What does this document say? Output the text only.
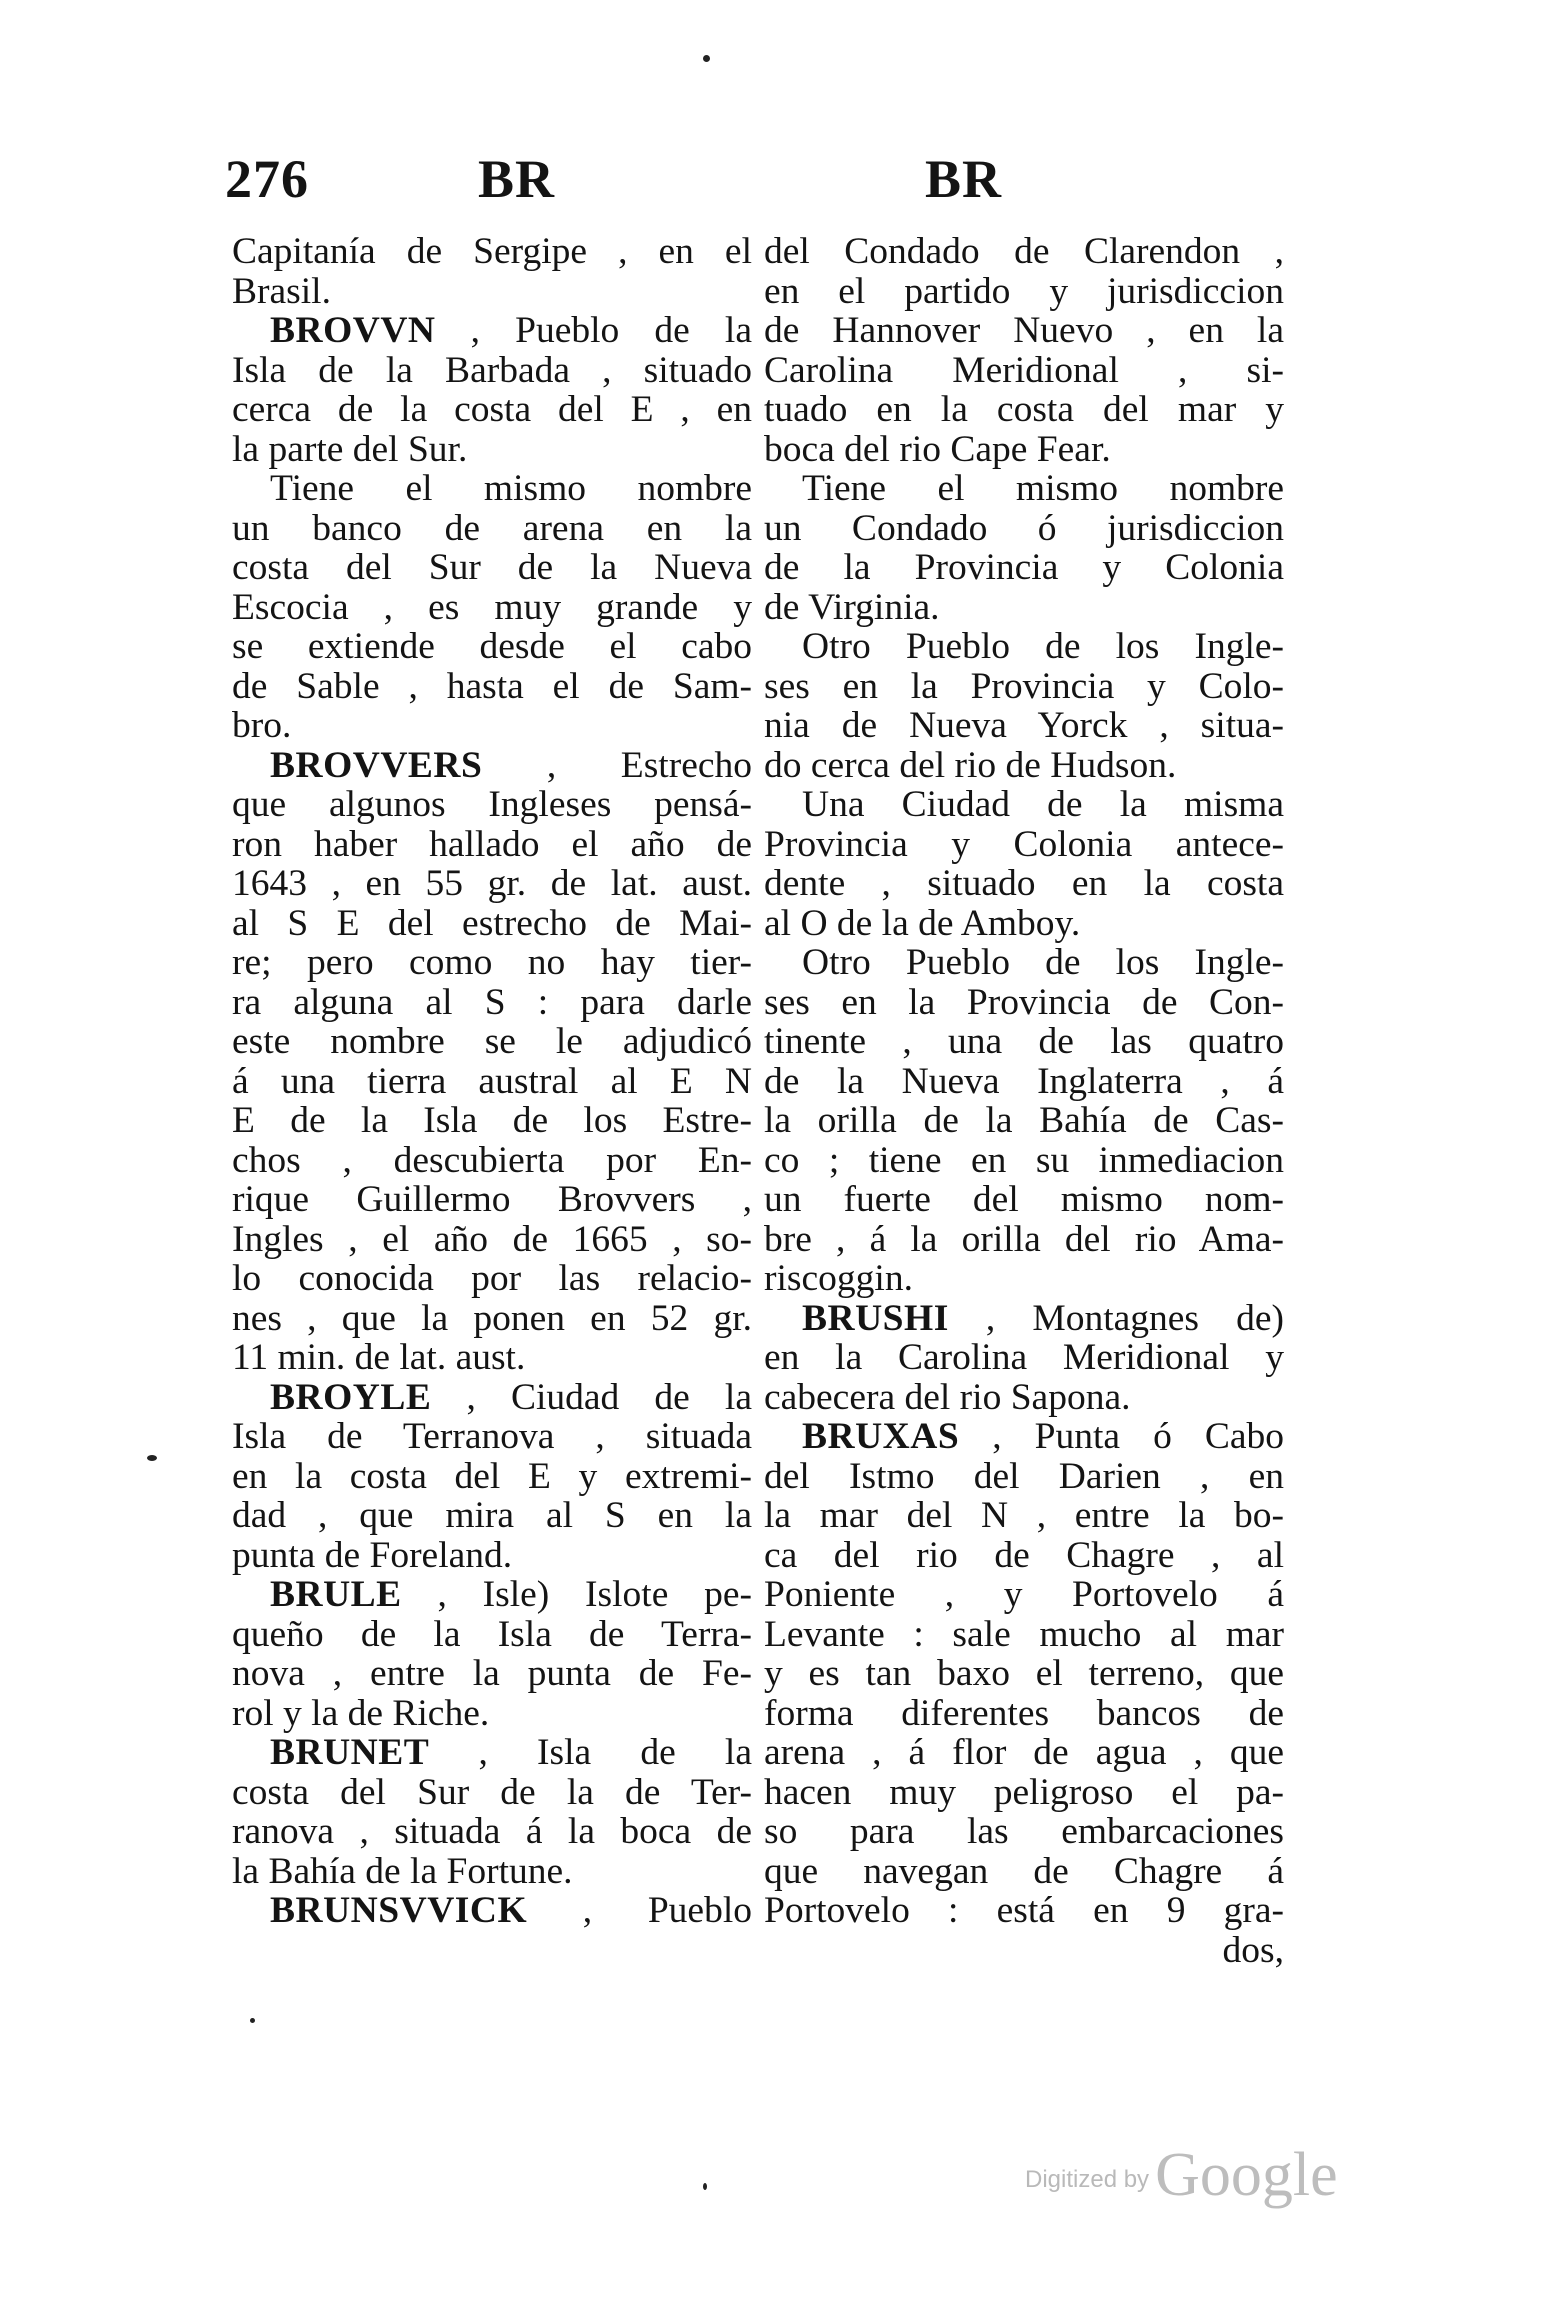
276	BR	BR
Capitanía de Sergipe , en el
Brasil.
BROVVN , Pueblo de la
Isla de la Barbada , situado
cerca de la costa del E , en
la parte del Sur.
Tiene el mismo nombre
un banco de arena en la
costa del Sur de la Nueva
Escocia , es muy grande y
se extiende desde el cabo
de Sable , hasta el de Sam-
bro.
BROVVERS , Estrecho
que algunos Ingleses pensá-
ron haber hallado el año de
1643 , en 55 gr. de lat. aust.
al S E del estrecho de Mai-
re; pero como no hay tier-
ra alguna al S : para darle
este nombre se le adjudicó
á una tierra austral al E N
E de la Isla de los Estre-
chos , descubierta por En-
rique Guillermo Brovvers ,
Ingles , el año de 1665 , so-
lo conocida por las relacio-
nes , que la ponen en 52 gr.
11 min. de lat. aust.
BROYLE , Ciudad de la
Isla de Terranova , situada
en la costa del E y extremi-
dad , que mira al S en la
punta de Foreland.
BRULE , Isle) Islote pe-
queño de la Isla de Terra-
nova , entre la punta de Fe-
rol y la de Riche.
BRUNET , Isla de la
costa del Sur de la de Ter-
ranova , situada á la boca de
la Bahía de la Fortune.
BRUNSVVICK , Pueblo
del Condado de Clarendon ,
en el partido y jurisdiccion
de Hannover Nuevo , en la
Carolina Meridional , si-
tuado en la costa del mar y
boca del rio Cape Fear.
Tiene el mismo nombre
un Condado ó jurisdiccion
de la Provincia y Colonia
de Virginia.
Otro Pueblo de los Ingle-
ses en la Provincia y Colo-
nia de Nueva Yorck , situa-
do cerca del rio de Hudson.
Una Ciudad de la misma
Provincia y Colonia antece-
dente , situado en la costa
al O de la de Amboy.
Otro Pueblo de los Ingle-
ses en la Provincia de Con-
tinente , una de las quatro
de la Nueva Inglaterra , á
la orilla de la Bahía de Cas-
co ; tiene en su inmediacion
un fuerte del mismo nom-
bre , á la orilla del rio Ama-
riscoggin.
BRUSHI , Montagnes de)
en la Carolina Meridional y
cabecera del rio Sapona.
BRUXAS , Punta ó Cabo
del Istmo del Darien , en
la mar del N , entre la bo-
ca del rio de Chagre , al
Poniente , y Portovelo á
Levante : sale mucho al mar
y es tan baxo el terreno, que
forma diferentes bancos de
arena , á flor de agua , que
hacen muy peligroso el pa-
so para las embarcaciones
que navegan de Chagre á
Portovelo : está en 9 gra-
dos,
Digitized byGoogle
